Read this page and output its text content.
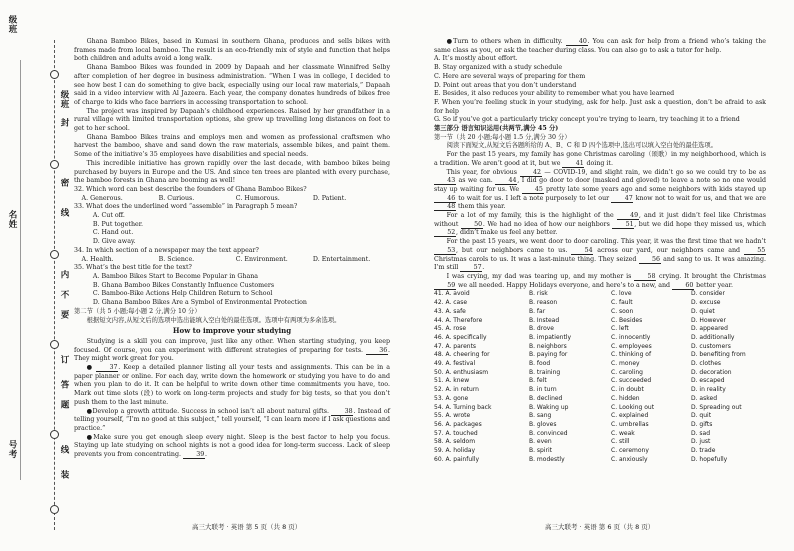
级班
封
密
线
内
不
要
订
答
题
线
装
级班
名姓
号考

Ghana Bamboo Bikes, based in Kumasi in southern Ghana, produces and sells bikes with frames made from local bamboo. The result is an eco-friendly mix of style and function that helps both children and adults avoid a long walk.

Ghana Bamboo Bikes was founded in 2009 by Dapaah and her classmate Winnifred Selby after completion of her degree in business administration. “When I was in college, I decided to see how best I can do something to give back, especially using our local raw materials,” Dapaah said in a video interview with Al Jazeera. Each year, the company donates hundreds of bikes free of charge to kids who face barriers in accessing transportation to school.

The project was inspired by Dapaah’s childhood experiences. Raised by her grandfather in a rural village with limited transportation options, she grew up travelling long distances on foot to get to her school.

Ghana Bamboo Bikes trains and employs men and women as professional craftsmen who harvest the bamboo, shave and sand down the raw materials, assemble bikes, and paint them. Some of the initiative’s 35 employees have disabilities and special needs.

This incredible initiative has grown rapidly over the last decade, with bamboo bikes being purchased by buyers in Europe and the US. And since ten trees are planted with every purchase, the bamboo forests in Ghana are booming as well!

32. Which word can best describe the founders of Ghana Bamboo Bikes?

A. Generous.	B. Curious.	C. Humorous.	D. Patient.

33. What does the underlined word “assemble” in Paragraph 5 mean?

A. Cut off.

B. Put together.

C. Hand out.

D. Give away.

34. In which section of a newspaper may the text appear?

A. Health.	B. Science.	C. Environment.	D. Entertainment.

35. What’s the best title for the text?

A. Bamboo Bikes Start to Become Popular in Ghana

B. Ghana Bamboo Bikes Constantly Influence Customers

C. Bamboo-Bike Actions Help Children Return to School

D. Ghana Bamboo Bikes Are a Symbol of Environmental Protection

第二节（共 5 小题;每小题 2 分,满分 10 分）

根据短文内容,从短文后的选项中选出能填入空白处的最佳选项。选项中有两项为多余选项。

How to improve your studying

Studying is a skill you can improve, just like any other. When starting studying, you keep focused. Of course, you can experiment with different strategies of preparing for tests.	36. They might work great for you.

● 37. Keep a detailed planner listing all your tests and assignments. This can be in a paper planner or online. For each day, write down the homework or studying you have to do and when you plan to do it. It can be helpful to write down other time commitments you have, too. Mark out time slots (段) to work on long-term projects and study for big tests, so that you don’t push them to the last minute.

●Develop a growth attitude. Success in school isn’t all about natural gifts. 38. Instead of telling yourself, “I’m no good at this subject,” tell yourself, “I can learn more if I ask questions and practice.”

●Make sure you get enough sleep every night. Sleep is the best factor to help you focus. Staying up late studying on school nights is not a good idea for long-term success. Lack of sleep prevents you from concentrating. 39.

●Turn to others when in difficulty.	40. You can ask for help from a friend who’s taking the same class as you, or ask the teacher during class. You can also go to ask a tutor for help.

A. It’s mostly about effort.

B. Stay organized with a study schedule

C. Here are several ways of preparing for them

D. Point out areas that you don’t understand

E. Besides, it also reduces your ability to remember what you have learned

F. When you’re feeling stuck in your studying, ask for help. Just ask a question, don’t be afraid to ask for help

G. So if you’ve got a particularly tricky concept you’re trying to learn, try teaching it to a friend

第三部分 语言知识运用(共两节,满分 45 分)

第一节（共 20 小题;每小题 1.5 分,满分 30 分）

阅读下面短文,从短文后各题所给的 A、B、C 和 D 四个选项中,选出可以填入空白处的最佳选项。

For the past 15 years, my family has gone Christmas caroling（颂歌）in my neighborhood, which is a tradition. We aren’t good at it, but we 41 doing it.

This year, for obvious 42 — COVID-19, and slight rain, we didn’t go so we could try to be as 43 as we can. 44, I did go door to door (masked and gloved) to leave a note so no one would stay up waiting for us. We 45 pretty late some years ago and some neighbors with kids stayed up 46 to wait for us. I left a note purposely to let our 47 know not to wait for us, and that we are 48 them this year.

For a lot of my family, this is the highlight of the 49, and it just didn’t feel like Christmas without 50. We had no idea of how our neighbors 51, but we did hope they missed us, which 52, didn’t make us feel any better.

For the past 15 years, we went door to door caroling. This year, it was the first time that we hadn’t 53, but our neighbors came to us. 54 across our yard, our neighbors came and 55 Christmas carols to us. It was a last-minute thing. They seized 56 and sang to us. It was amazing. I’m still 57.

I was crying, my dad was tearing up, and my mother is 58 crying. It brought the Christmas 59 we all needed. Happy Holidays everyone, and here’s to a new, and 60 better year.

41. A. avoid	B. risk	C. love	D. consider
42. A. case	B. reason	C. fault	D. excuse
43. A. safe	B. far	C. soon	D. quiet
44. A. Therefore	B. Instead	C. Besides	D. However
45. A. rose	B. drove	C. left	D. appeared
46. A. specifically	B. impatiently	C. innocently	D. additionally
47. A. parents	B. neighbors	C. employees	D. customers
48. A. cheering for	B. paying for	C. thinking of	D. benefiting from
49. A. festival	B. food	C. money	D. clothes
50. A. enthusiasm	B. training	C. caroling	D. decoration
51. A. knew	B. felt	C. succeeded	D. escaped
52. A. in return	B. in turn	C. in doubt	D. in reality
53. A. gone	B. declined	C. hidden	D. asked
54. A. Turning back	B. Waking up	C. Looking out	D. Spreading out
55. A. wrote	B. sang	C. explained	D. quit
56. A. packages	B. gloves	C. umbrellas	D. gifts
57. A. touched	B. convinced	C. weak	D. sad
58. A. seldom	B. even	C. still	D. just
59. A. holiday	B. spirit	C. ceremony	D. trade
60. A. painfully	B. modestly	C. anxiously	D. hopefully
高三大联考 · 英语 第 5 页（共 8 页）	高三大联考 · 英语 第 6 页（共 8 页）
